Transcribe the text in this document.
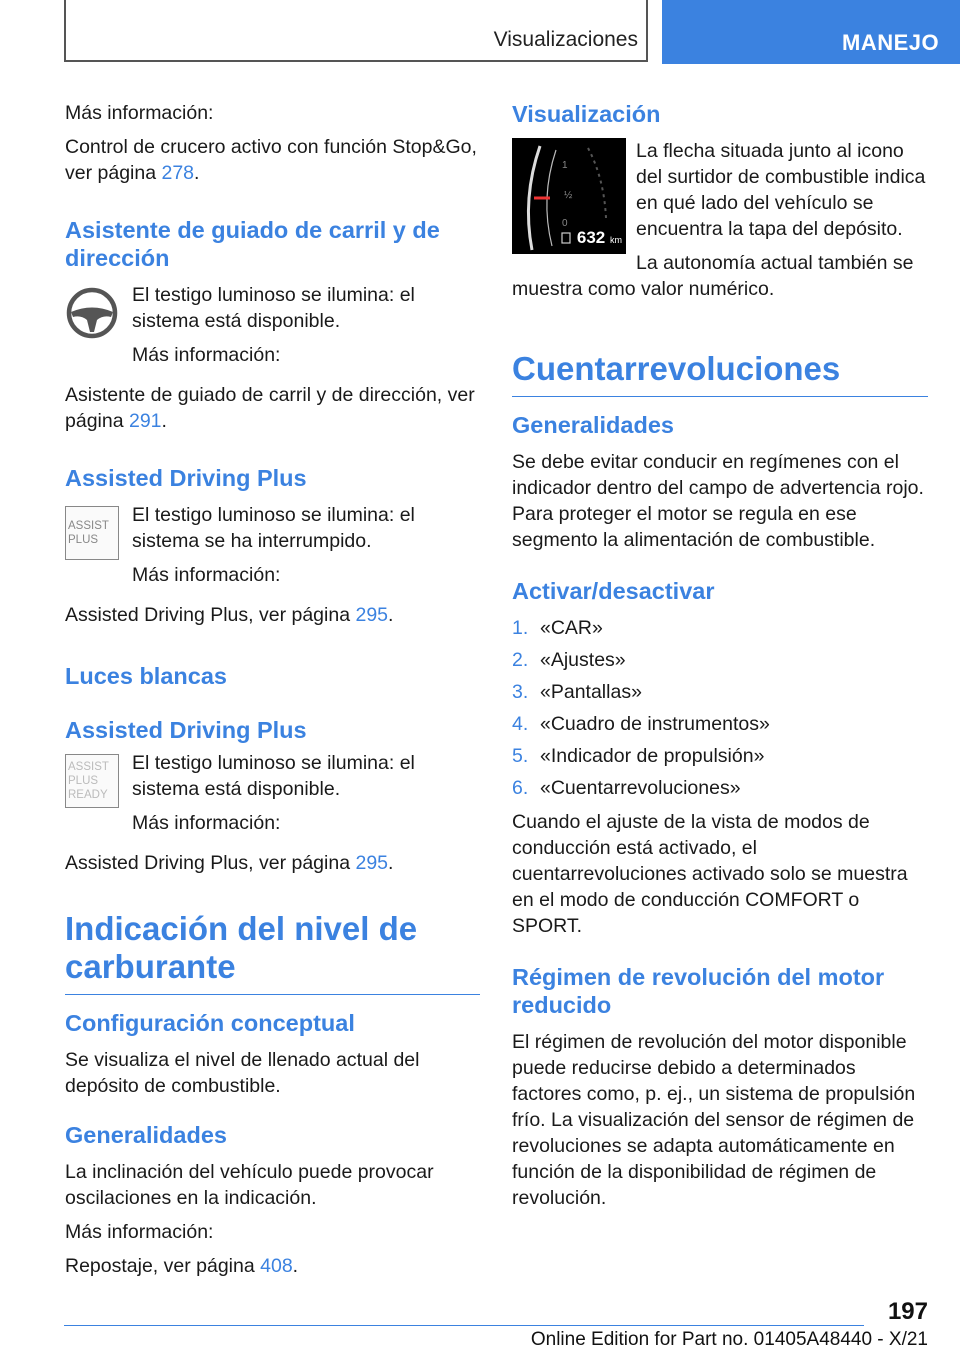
Visualizaciones	MANEJO

Más información:

Control de crucero activo con función Stop&Go, ver página 278.

Asistente de guiado de carril y de dirección

El testigo luminoso se ilumina: el sistema está disponible.

Más información:

Asistente de guiado de carril y de dirección, ver página 291.

Assisted Driving Plus
ASSIST PLUS

El testigo luminoso se ilumina: el sistema se ha interrumpido.

Más información:

Assisted Driving Plus, ver página 295.

Luces blancas
Assisted Driving Plus
ASSIST PLUS READY

El testigo luminoso se ilumina: el sistema está disponible.

Más información:

Assisted Driving Plus, ver página 295.

Indicación del nivel de carburante
Configuración conceptual

Se visualiza el nivel de llenado actual del depósito de combustible.

Generalidades

La inclinación del vehículo puede provocar oscilaciones en la indicación.

Más información:

Repostaje, ver página 408.

Visualización
1
½
0
632 km

La flecha situada junto al icono del surtidor de combustible indica en qué lado del vehículo se encuentra la tapa del depósito.

La autonomía actual también se muestra como valor numérico.

Cuentarrevoluciones
Generalidades

Se debe evitar conducir en regímenes con el indicador dentro del campo de advertencia rojo. Para proteger el motor se regula en ese segmento la alimentación de combustible.

Activar/desactivar
1. «CAR»
2. «Ajustes»
3. «Pantallas»
4. «Cuadro de instrumentos»
5. «Indicador de propulsión»
6. «Cuentarrevoluciones»

Cuando el ajuste de la vista de modos de conducción está activado, el cuentarrevoluciones activado solo se muestra en el modo de conducción COMFORT o SPORT.

Régimen de revolución del motor reducido

El régimen de revolución del motor disponible puede reducirse debido a determinados factores como, p. ej., un sistema de propulsión frío. La visualización del sensor de régimen de revoluciones se adapta automáticamente en función de la disponibilidad de régimen de revolución.

197
Online Edition for Part no. 01405A48440 - X/21
